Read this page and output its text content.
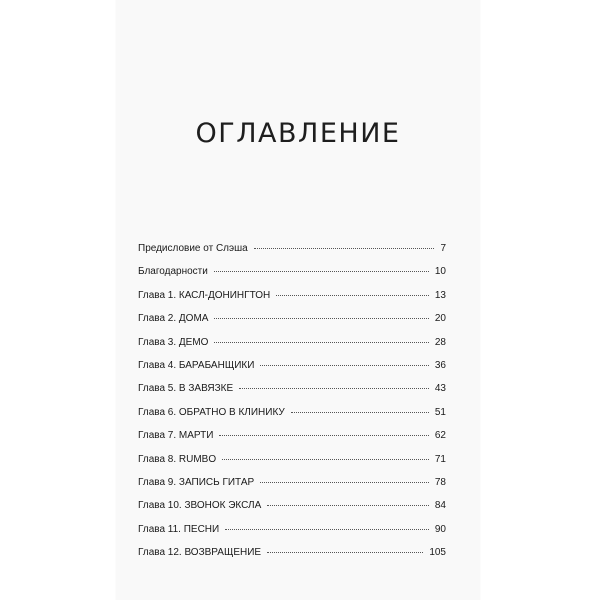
ОГЛАВЛЕНИЕ
Предисловие от Слэша	7
Благодарности	10
Глава 1. КАСЛ-ДОНИНГТОН	13
Глава 2. ДОМА	20
Глава 3. ДЕМО	28
Глава 4. БАРАБАНЩИКИ	36
Глава 5. В ЗАВЯЗКЕ	43
Глава 6. ОБРАТНО В КЛИНИКУ	51
Глава 7. МАРТИ	62
Глава 8. RUMBO	71
Глава 9. ЗАПИСЬ ГИТАР	78
Глава 10. ЗВОНОК ЭКСЛА	84
Глава 11. ПЕСНИ	90
Глава 12. ВОЗВРАЩЕНИЕ	105
